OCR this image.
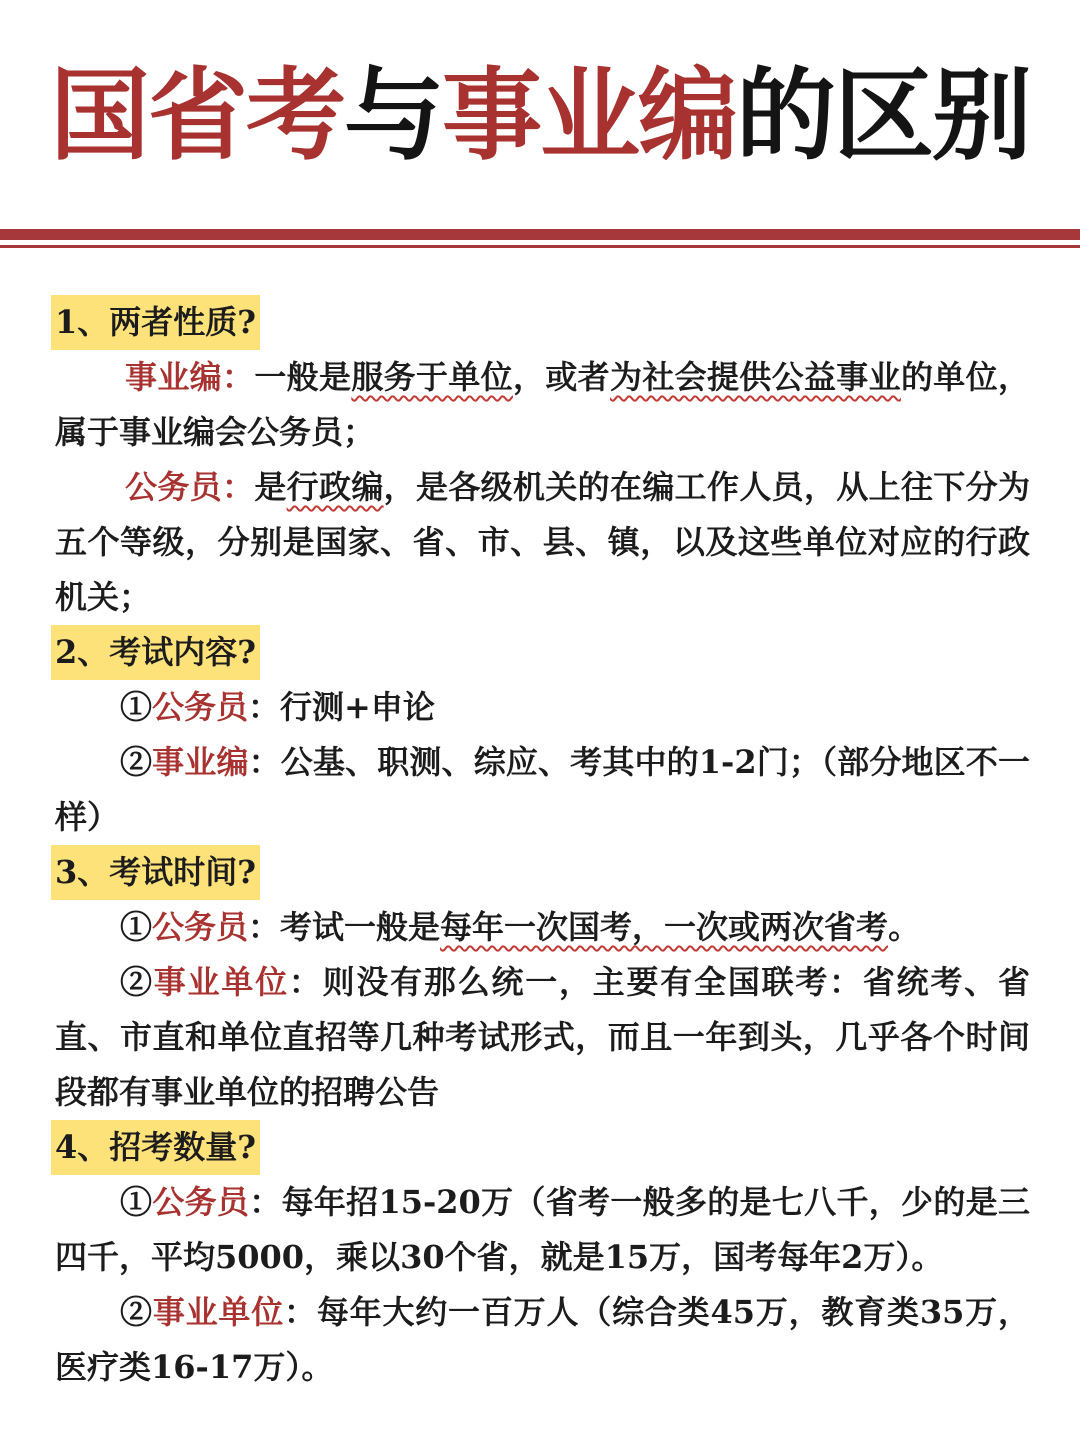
国省考与事业编的区别
1、两者性质?

事业编：一般是服务于单位，或者为社会提供公益事业的单位，属于事业编会公务员；

公务员：是行政编，是各级机关的在编工作人员，从上往下分为五个等级，分别是国家、省、市、县、镇，以及这些单位对应的行政机关；

2、考试内容?

①公务员：行测+申论

②事业编：公基、职测、综应、考其中的1-2门；（部分地区不一样）

3、考试时间?

①公务员：考试一般是每年一次国考，一次或两次省考。

②事业单位：则没有那么统一，主要有全国联考：省统考、省直、市直和单位直招等几种考试形式，而且一年到头，几乎各个时间段都有事业单位的招聘公告

4、招考数量?

①公务员：每年招15-20万（省考一般多的是七八千，少的是三四千，平均5000，乘以30个省，就是15万，国考每年2万）。

②事业单位：每年大约一百万人（综合类45万，教育类35万，医疗类16-17万）。
